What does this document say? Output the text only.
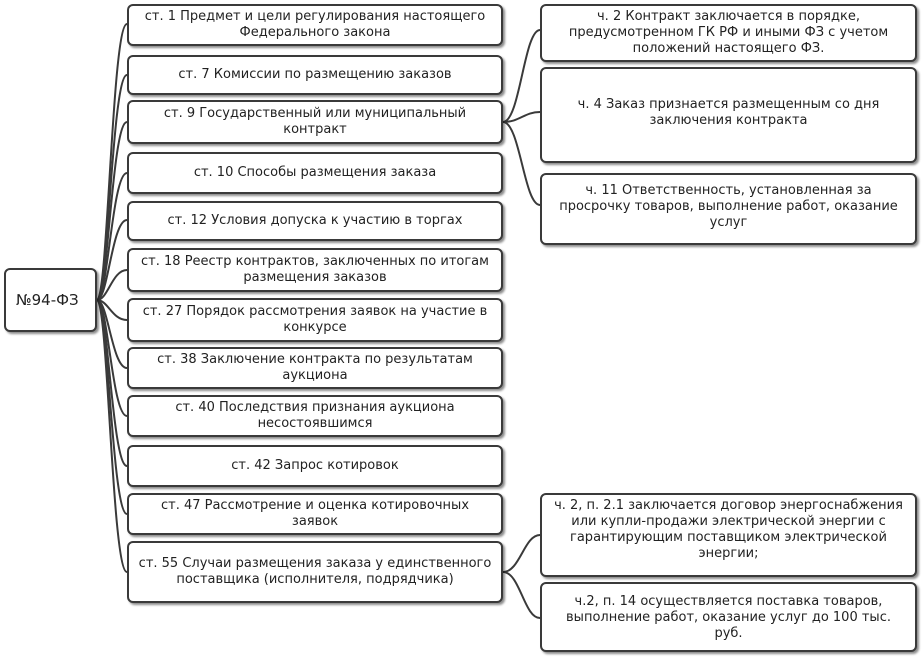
№94-ФЗ
ст. 1 Предмет и цели регулирования настоящего Федерального закона
ст. 7 Комиссии по размещению заказов
ст. 9 Государственный или муниципальный контракт
ст. 10 Способы размещения заказа
ст. 12 Условия допуска к участию в торгах
ст. 18 Реестр контрактов, заключенных по итогам размещения заказов
ст. 27 Порядок рассмотрения заявок на участие в конкурсе
ст. 38 Заключение контракта по результатам аукциона
ст. 40 Последствия признания аукциона несостоявшимся
ст. 42 Запрос котировок
ст. 47 Рассмотрение и оценка котировочных заявок
ст. 55 Случаи размещения заказа у единственного поставщика (исполнителя, подрядчика)
ч. 2 Контракт заключается в порядке, предусмотренном ГК РФ и иными ФЗ с учетом положений настоящего ФЗ.
ч. 4 Заказ признается размещенным со дня заключения контракта
ч. 11 Ответственность, установленная за просрочку товаров, выполнение работ, оказание услуг
ч. 2, п. 2.1 заключается договор энергоснабжения или купли-продажи электрической энергии с гарантирующим поставщиком электрической энергии;
ч.2, п. 14 осуществляется поставка товаров, выполнение работ, оказание услуг до 100 тыс. руб.
